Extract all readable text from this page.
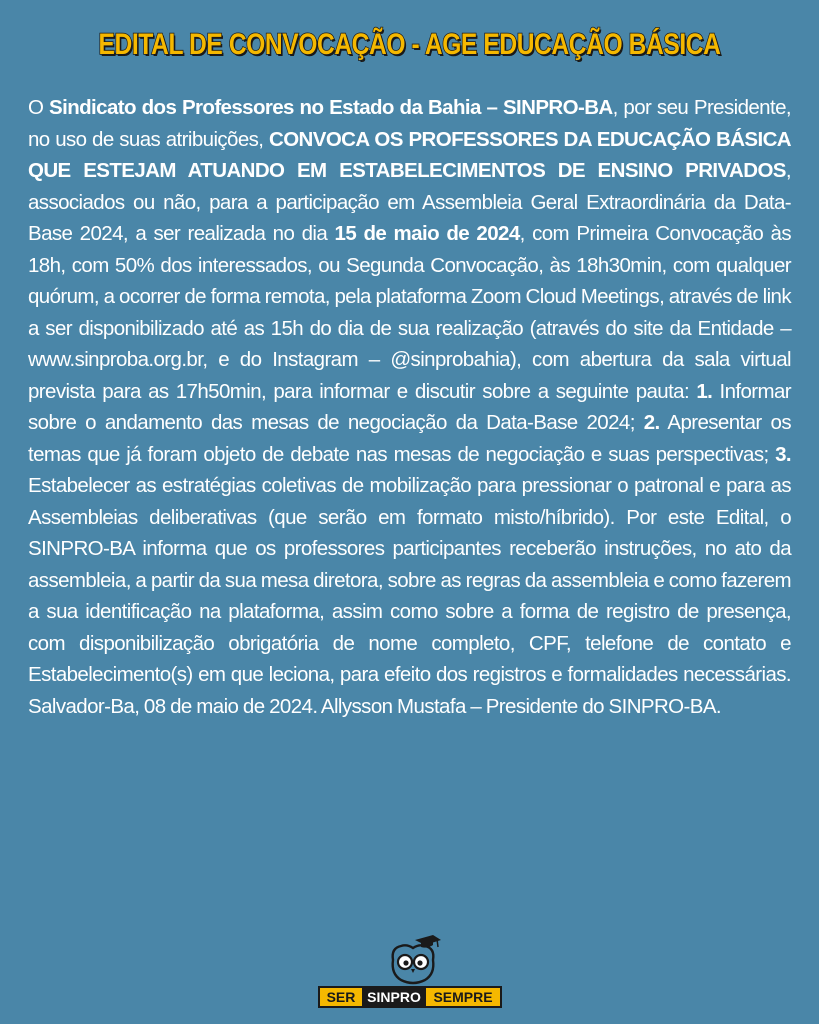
EDITAL DE CONVOCAÇÃO - AGE EDUCAÇÃO BÁSICA
O Sindicato dos Professores no Estado da Bahia – SINPRO-BA, por seu Presidente, no uso de suas atribuições, CONVOCA OS PROFESSORES DA EDUCAÇÃO BÁSICA QUE ESTEJAM ATUANDO EM ESTABELECIMENTOS DE ENSINO PRIVADOS, associados ou não, para a participação em Assembleia Geral Extraordinária da Data-Base 2024, a ser realizada no dia 15 de maio de 2024, com Primeira Convocação às 18h, com 50% dos interessados, ou Segunda Convocação, às 18h30min, com qualquer quórum, a ocorrer de forma remota, pela plataforma Zoom Cloud Meetings, através de link a ser disponibilizado até as 15h do dia de sua realização (através do site da Entidade – www.sinproba.org.br, e do Instagram – @sinprobahia), com abertura da sala virtual prevista para as 17h50min, para informar e discutir sobre a seguinte pauta: 1. Informar sobre o andamento das mesas de negociação da Data-Base 2024; 2. Apresentar os temas que já foram objeto de debate nas mesas de negociação e suas perspectivas; 3. Estabelecer as estratégias coletivas de mobilização para pressionar o patronal e para as Assembleias deliberativas (que serão em formato misto/híbrido). Por este Edital, o SINPRO-BA informa que os professores participantes receberão instruções, no ato da assembleia, a partir da sua mesa diretora, sobre as regras da assembleia e como fazerem a sua identificação na plataforma, assim como sobre a forma de registro de presença, com disponibilização obrigatória de nome completo, CPF, telefone de contato e Estabelecimento(s) em que leciona, para efeito dos registros e formalidades necessárias. Salvador-Ba, 08 de maio de 2024. Allysson Mustafa – Presidente do SINPRO-BA.
SER SINPRO SEMPRE
